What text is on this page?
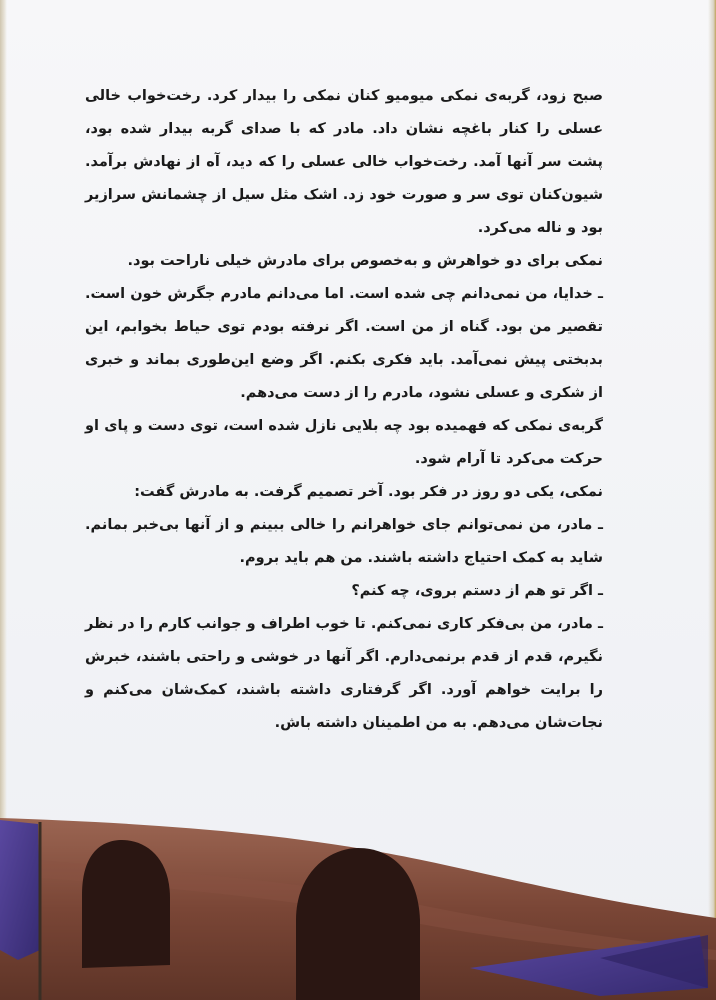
صبح زود، گربه‌ی نمکی میومیو کنان نمکی را بیدار کرد. رخت‌خواب خالی عسلی را کنار باغچه نشان داد. مادر که با صدای گربه بیدار شده بود، پشت سر آنها آمد. رخت‌خواب خالی عسلی را که دید، آه از نهادش برآمد. شیون‌کنان توی سر و صورت خود زد. اشک مثل سیل از چشمانش سرازیر بود و ناله می‌کرد.

نمکی برای دو خواهرش و به‌خصوص برای مادرش خیلی ناراحت بود.

ـ خدایا، من نمی‌دانم چی شده است. اما می‌دانم مادرم جگرش خون است. تقصیر من بود. گناه از من است. اگر نرفته بودم توی حیاط بخوابم، این بدبختی پیش نمی‌آمد. باید فکری بکنم. اگر وضع این‌طوری بماند و خبری از شکری و عسلی نشود، مادرم را از دست می‌دهم.

گربه‌ی نمکی که فهمیده بود چه بلایی نازل شده است، توی دست و پای او حرکت می‌کرد تا آرام شود.

نمکی، یکی دو روز در فکر بود. آخر تصمیم گرفت. به مادرش گفت:

ـ مادر، من نمی‌توانم جای خواهرانم را خالی ببینم و از آنها بی‌خبر بمانم. شاید به کمک احتیاج داشته باشند. من هم باید بروم.

ـ اگر تو هم از دستم بروی، چه کنم؟

ـ مادر، من بی‌فکر کاری نمی‌کنم. تا خوب اطراف و جوانب کارم را در نظر نگیرم، قدم از قدم برنمی‌دارم. اگر آنها در خوشی و راحتی باشند، خبرش را برایت خواهم آورد. اگر گرفتاری داشته باشند، کمک‌شان می‌کنم و نجات‌شان می‌دهم. به من اطمینان داشته باش.
